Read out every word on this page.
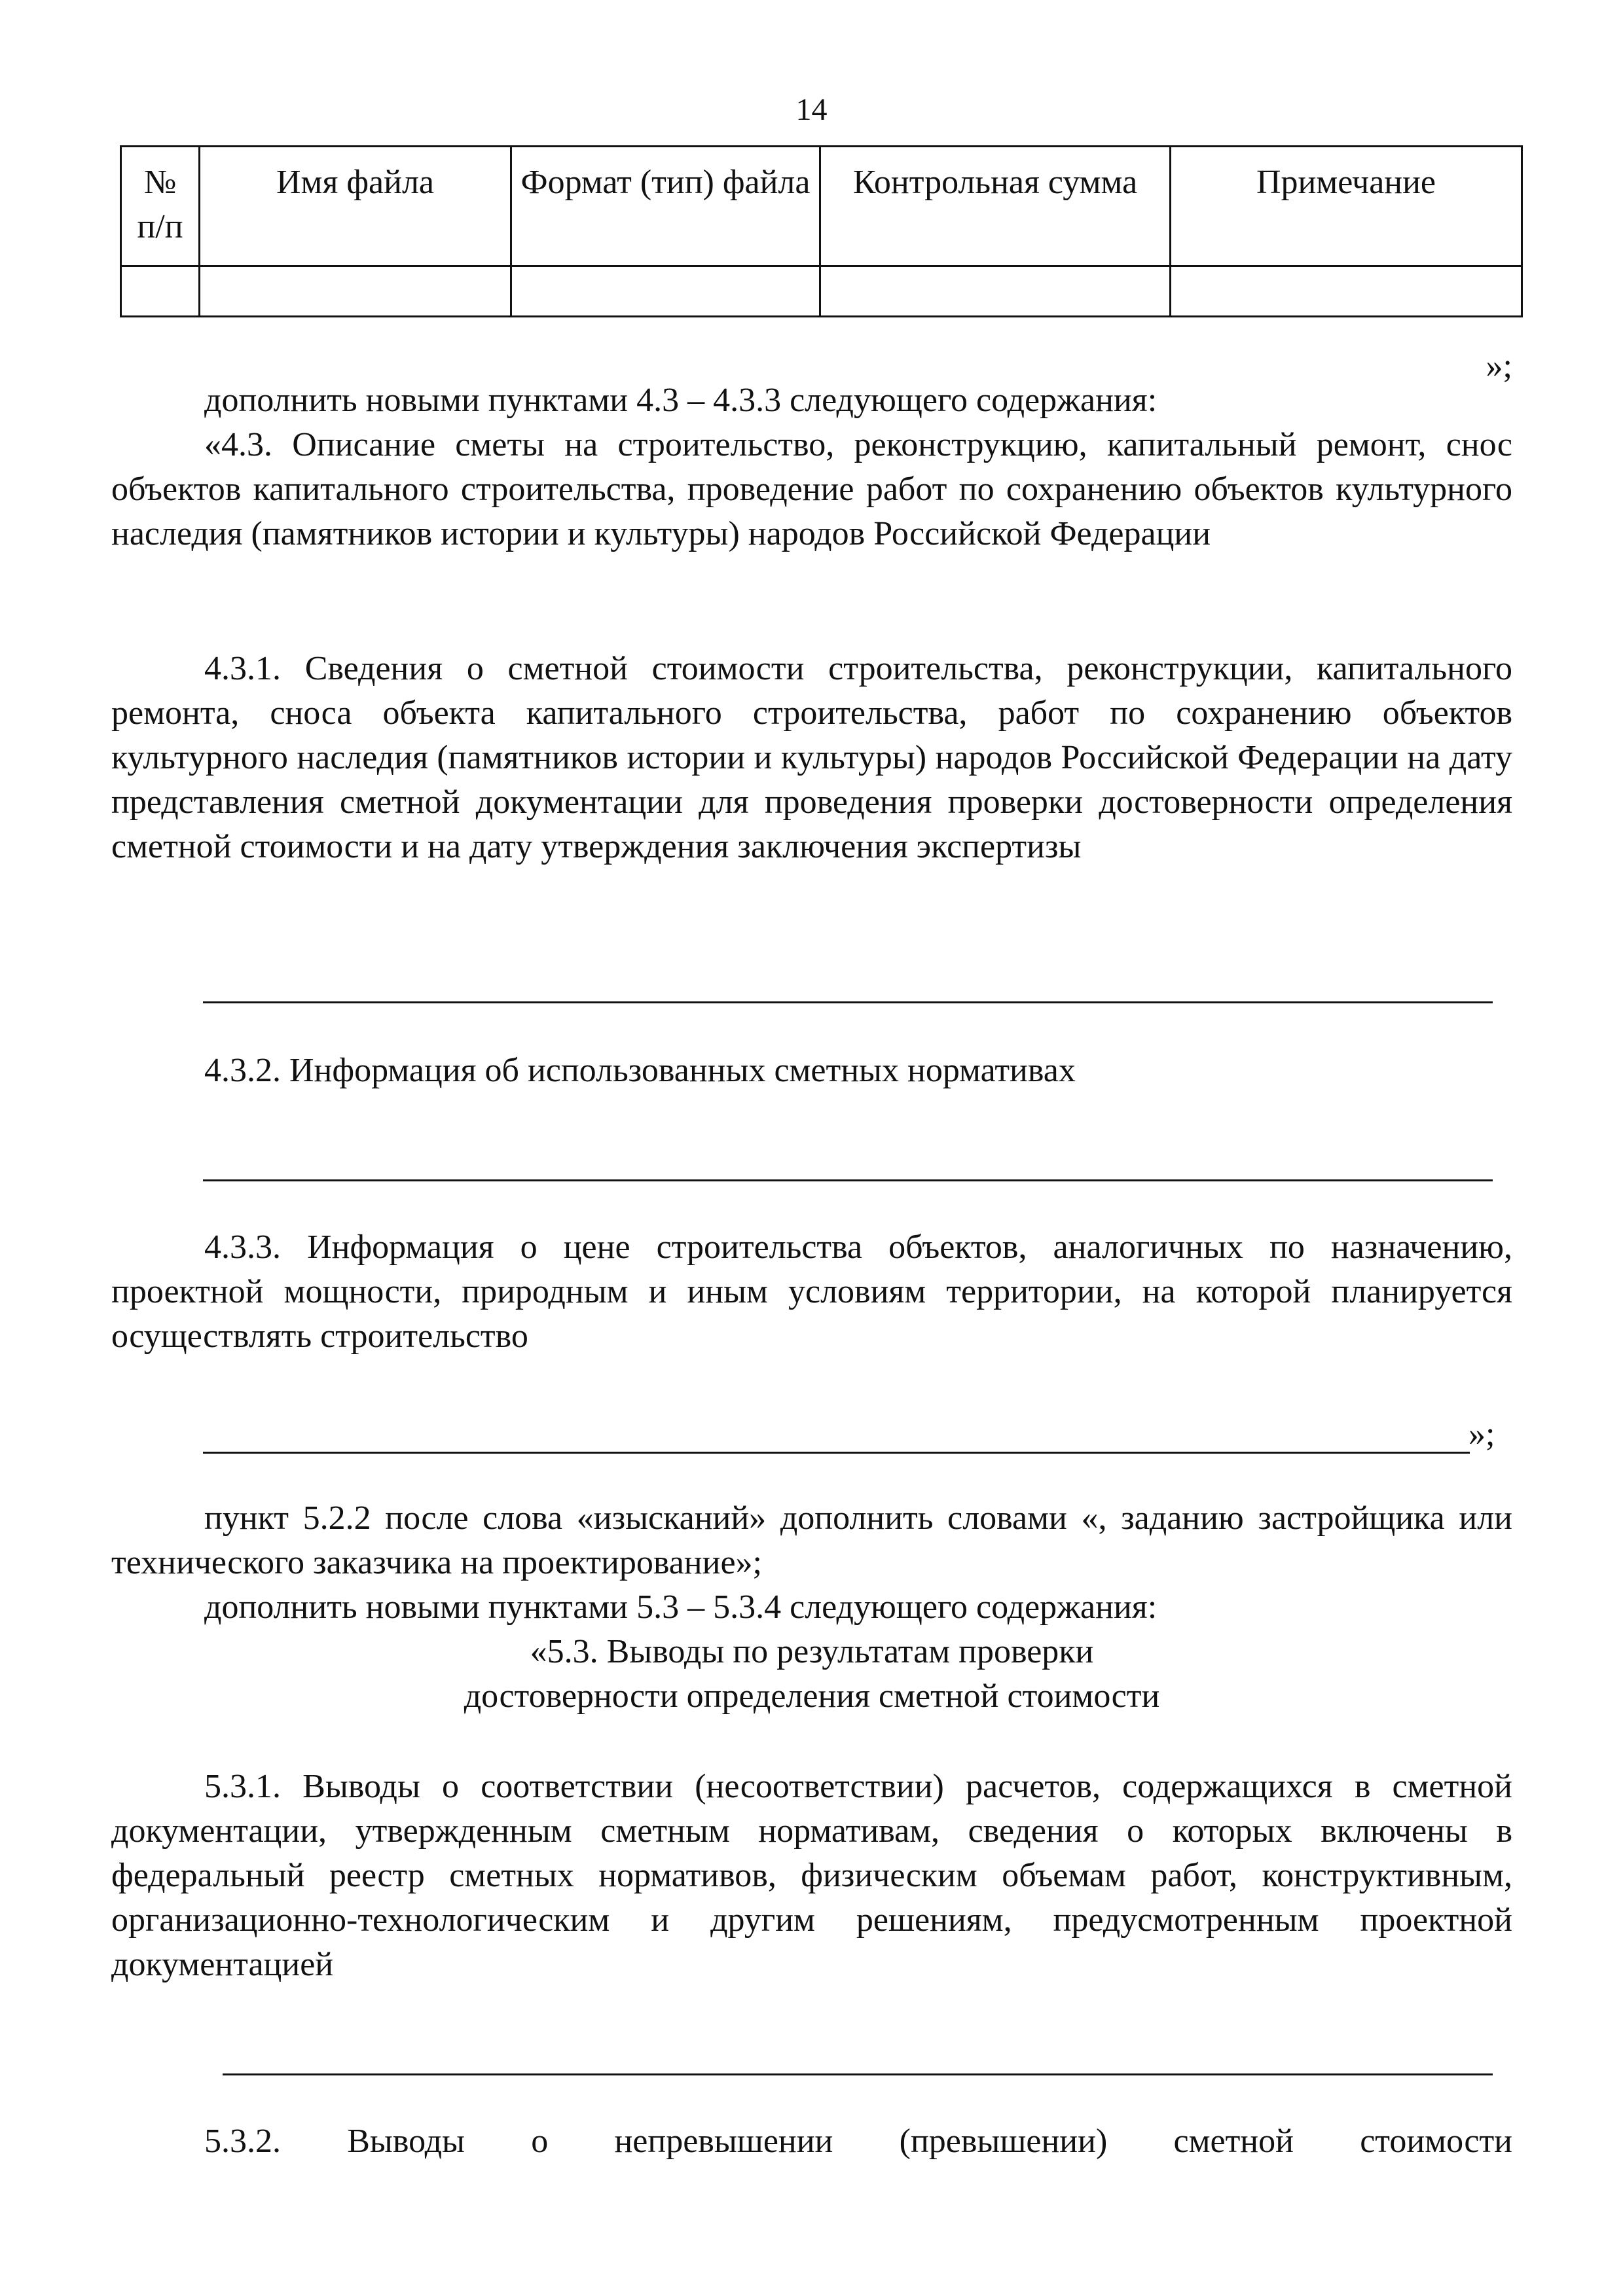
14
№ п/п	Имя файла	Формат (тип) файла	Контрольная сумма	Примечание

»;

дополнить новыми пунктами 4.3 – 4.3.3 следующего содержания:

«4.3. Описание сметы на строительство, реконструкцию, капитальный ремонт, снос объектов капитального строительства, проведение работ по сохранению объектов культурного наследия (памятников истории и культуры) народов Российской Федерации

4.3.1. Сведения о сметной стоимости строительства, реконструкции, капитального ремонта, сноса объекта капитального строительства, работ по сохранению объектов культурного наследия (памятников истории и культуры) народов Российской Федерации на дату представления сметной документации для проведения проверки достоверности определения сметной стоимости и на дату утверждения заключения экспертизы

4.3.2. Информация об использованных сметных нормативах

4.3.3. Информация о цене строительства объектов, аналогичных по назначению, проектной мощности, природным и иным условиям территории, на которой планируется осуществлять строительство

»;

пункт 5.2.2 после слова «изысканий» дополнить словами «, заданию застройщика или технического заказчика на проектирование»;

дополнить новыми пунктами 5.3 – 5.3.4 следующего содержания:

«5.3. Выводы по результатам проверки
достоверности определения сметной стоимости

5.3.1. Выводы о соответствии (несоответствии) расчетов, содержащихся в сметной документации, утвержденным сметным нормативам, сведения о которых включены в федеральный реестр сметных нормативов, физическим объемам работ, конструктивным, организационно-технологическим и другим решениям, предусмотренным проектной документацией

5.3.2. Выводы о непревышении (превышении) сметной стоимости
